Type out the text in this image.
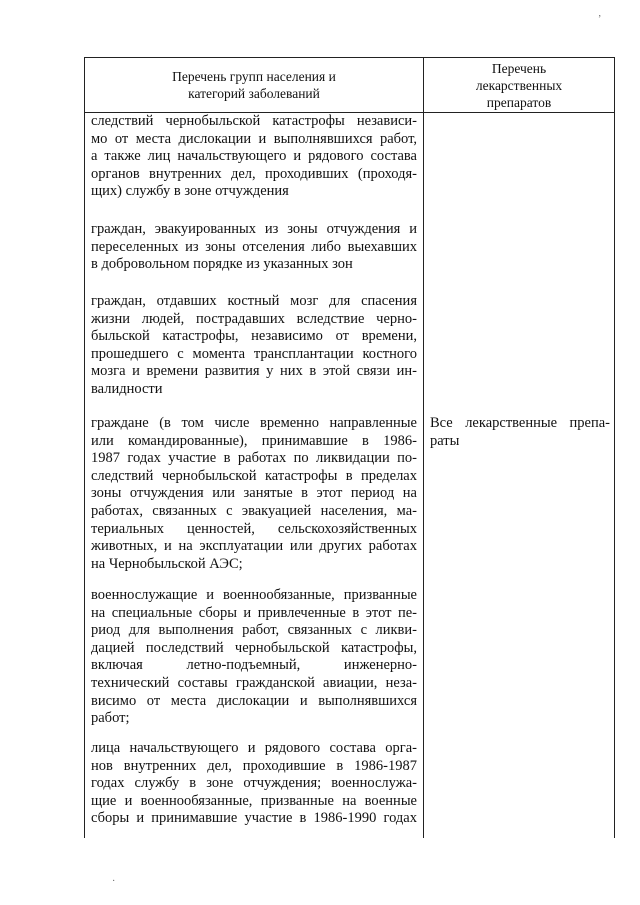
ʼ
Перечень групп населения и
категорий заболеваний
Перечень
лекарственных
препаратов
следствий чернобыльской катастрофы независи-
мо от места дислокации и выполнявшихся работ,
а также лиц начальствующего и рядового состава
органов внутренних дел, проходивших (проходя-
щих) службу в зоне отчуждения
граждан, эвакуированных из зоны отчуждения и
переселенных из зоны отселения либо выехавших
в добровольном порядке из указанных зон
граждан, отдавших костный мозг для спасения
жизни людей, пострадавших вследствие черно-
быльской катастрофы, независимо от времени,
прошедшего с момента трансплантации костного
мозга и времени развития у них в этой связи ин-
валидности
граждане (в том числе временно направленные
или командированные), принимавшие в 1986-
1987 годах участие в работах по ликвидации по-
следствий чернобыльской катастрофы в пределах
зоны отчуждения или занятые в этот период на
работах, связанных с эвакуацией населения, ма-
териальных ценностей, сельскохозяйственных
животных, и на эксплуатации или других работах
на Чернобыльской АЭС;
военнослужащие и военнообязанные, призванные
на специальные сборы и привлеченные в этот пе-
риод для выполнения работ, связанных с ликви-
дацией последствий чернобыльской катастрофы,
включая летно-подъемный, инженерно-
технический составы гражданской авиации, неза-
висимо от места дислокации и выполнявшихся
работ;
лица начальствующего и рядового состава орга-
нов внутренних дел, проходившие в 1986-1987
годах службу в зоне отчуждения; военнослужа-
щие и военнообязанные, призванные на военные
сборы и принимавшие участие в 1986-1990 годах
Все лекарственные препа-
раты
·
